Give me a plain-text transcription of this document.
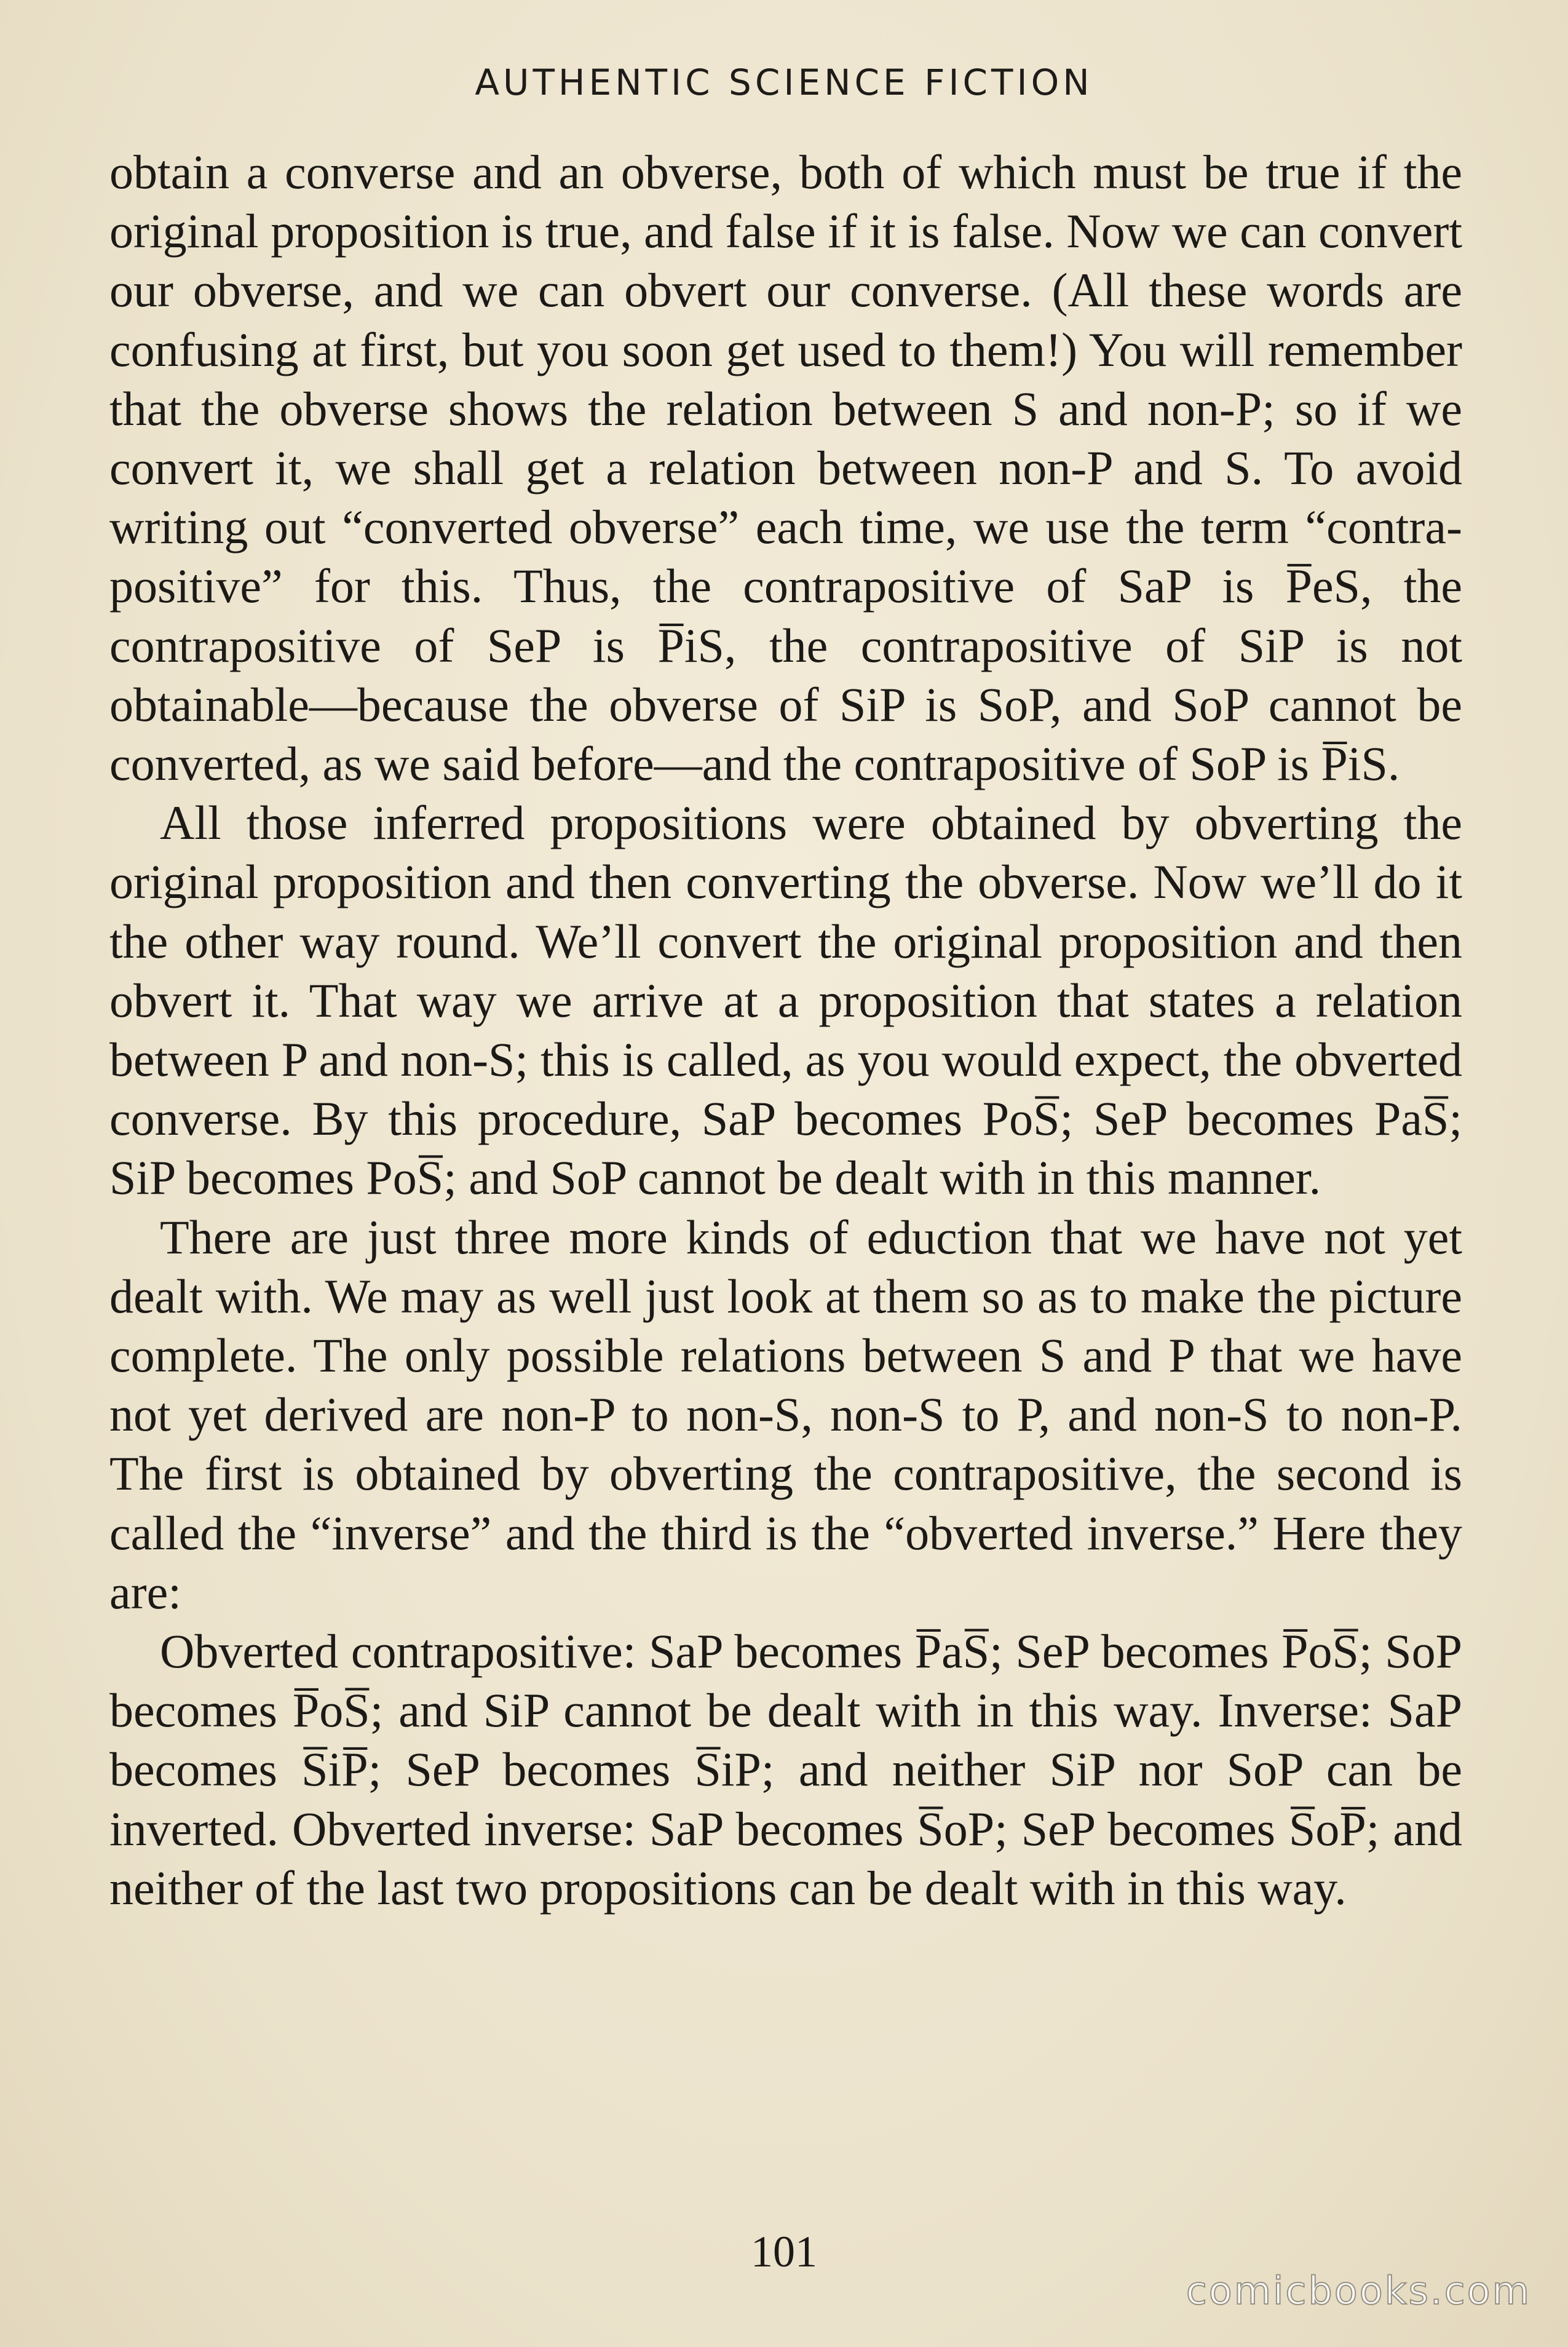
AUTHENTIC SCIENCE FICTION

obtain a converse and an obverse, both of which must be true if the original proposition is true, and false if it is false. Now we can convert our obverse, and we can obvert our converse. (All these words are confusing at first, but you soon get used to them!) You will remember that the obverse shows the relation between S and non-P; so if we convert it, we shall get a relation between non-P and S. To avoid writing out “converted obverse” each time, we use the term “contra-positive” for this. Thus, the contrapositive of SaP is P̅eS, the contrapositive of SeP is P̅iS, the contrapositive of SiP is not obtainable—because the obverse of SiP is SoP, and SoP cannot be converted, as we said before—and the contrapositive of SoP is P̅iS.

All those inferred propositions were obtained by obverting the original proposition and then converting the obverse. Now we’ll do it the other way round. We’ll convert the original proposition and then obvert it. That way we arrive at a proposition that states a relation between P and non-S; this is called, as you would expect, the obverted converse. By this procedure, SaP becomes PoS̅; SeP becomes PaS̅; SiP becomes PoS̅; and SoP cannot be dealt with in this manner.

There are just three more kinds of eduction that we have not yet dealt with. We may as well just look at them so as to make the picture complete. The only possible relations between S and P that we have not yet derived are non-P to non-S, non-S to P, and non-S to non-P. The first is obtained by obverting the contrapositive, the second is called the “inverse” and the third is the “obverted inverse.” Here they are:

Obverted contrapositive: SaP becomes P̅aS̅; SeP becomes P̅oS̅; SoP becomes P̅oS̅; and SiP cannot be dealt with in this way. Inverse: SaP becomes S̅iP̅; SeP becomes S̅iP; and neither SiP nor SoP can be inverted. Obverted inverse: SaP becomes S̅oP; SeP becomes S̅oP̅; and neither of the last two propositions can be dealt with in this way.

101
comicbooks.com
